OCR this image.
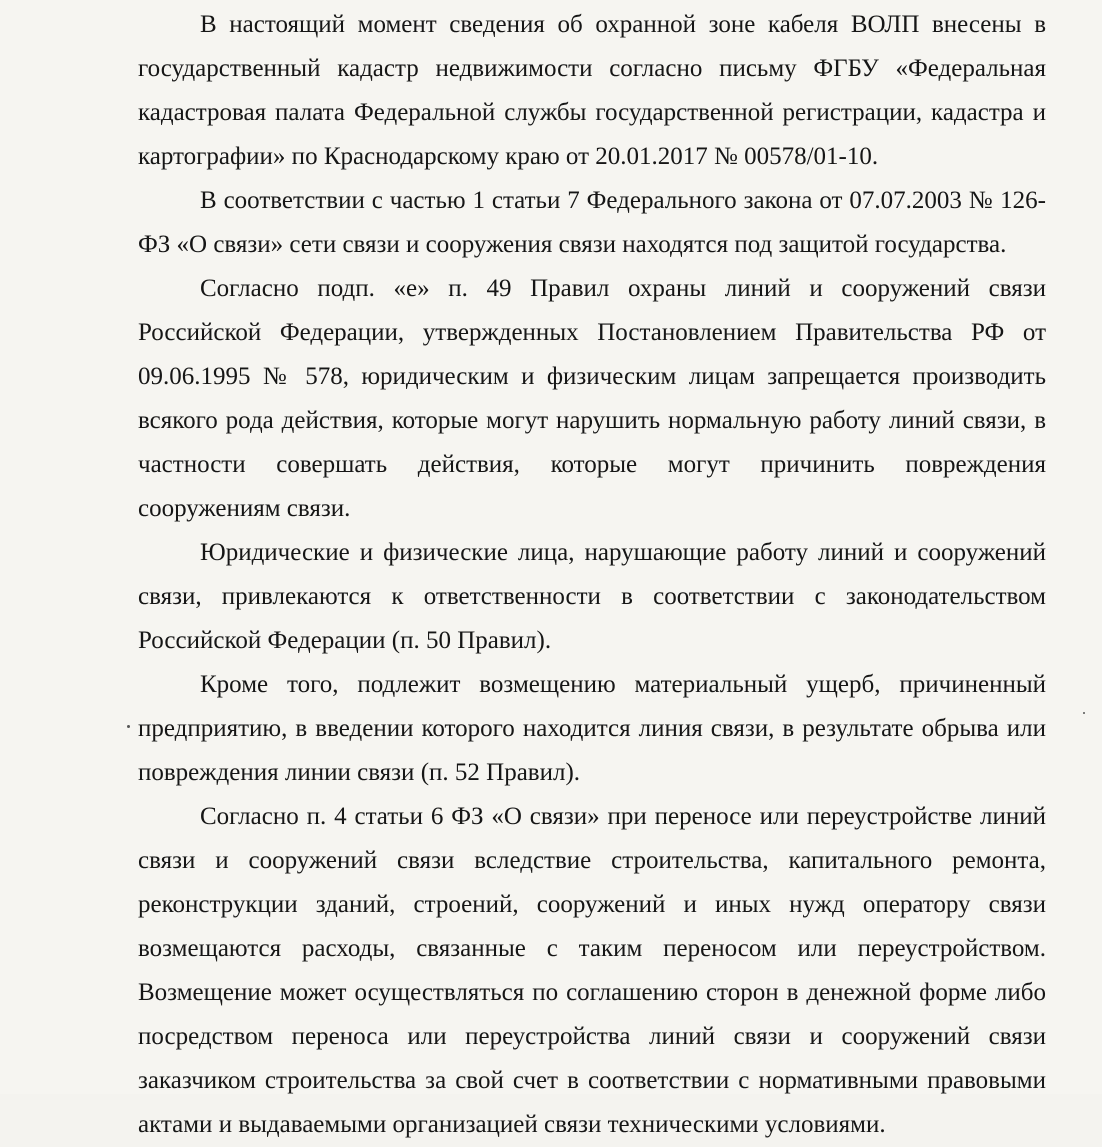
В настоящий момент сведения об охранной зоне кабеля ВОЛП внесены в государственный кадастр недвижимости согласно письму ФГБУ «Федеральная кадастровая палата Федеральной службы государственной регистрации, кадастра и картографии» по Краснодарскому краю от 20.01.2017 № 00578/01-10.

В соответствии с частью 1 статьи 7 Федерального закона от 07.07.2003 № 126-ФЗ «О связи» сети связи и сооружения связи находятся под защитой государства.

Согласно подп. «е» п. 49 Правил охраны линий и сооружений связи Российской Федерации, утвержденных Постановлением Правительства РФ от 09.06.1995 № 578, юридическим и физическим лицам запрещается производить всякого рода действия, которые могут нарушить нормальную работу линий связи, в частности совершать действия, которые могут причинить повреждения сооружениям связи.

Юридические и физические лица, нарушающие работу линий и сооружений связи, привлекаются к ответственности в соответствии с законодательством Российской Федерации (п. 50 Правил).

Кроме того, подлежит возмещению материальный ущерб, причиненный предприятию, в введении которого находится линия связи, в результате обрыва или повреждения линии связи (п. 52 Правил).

Согласно п. 4 статьи 6 ФЗ «О связи» при переносе или переустройстве линий связи и сооружений связи вследствие строительства, капитального ремонта, реконструкции зданий, строений, сооружений и иных нужд оператору связи возмещаются расходы, связанные с таким переносом или переустройством. Возмещение может осуществляться по соглашению сторон в денежной форме либо посредством переноса или переустройства линий связи и сооружений связи заказчиком строительства за свой счет в соответствии с нормативными правовыми актами и выдаваемыми организацией связи техническими условиями.
